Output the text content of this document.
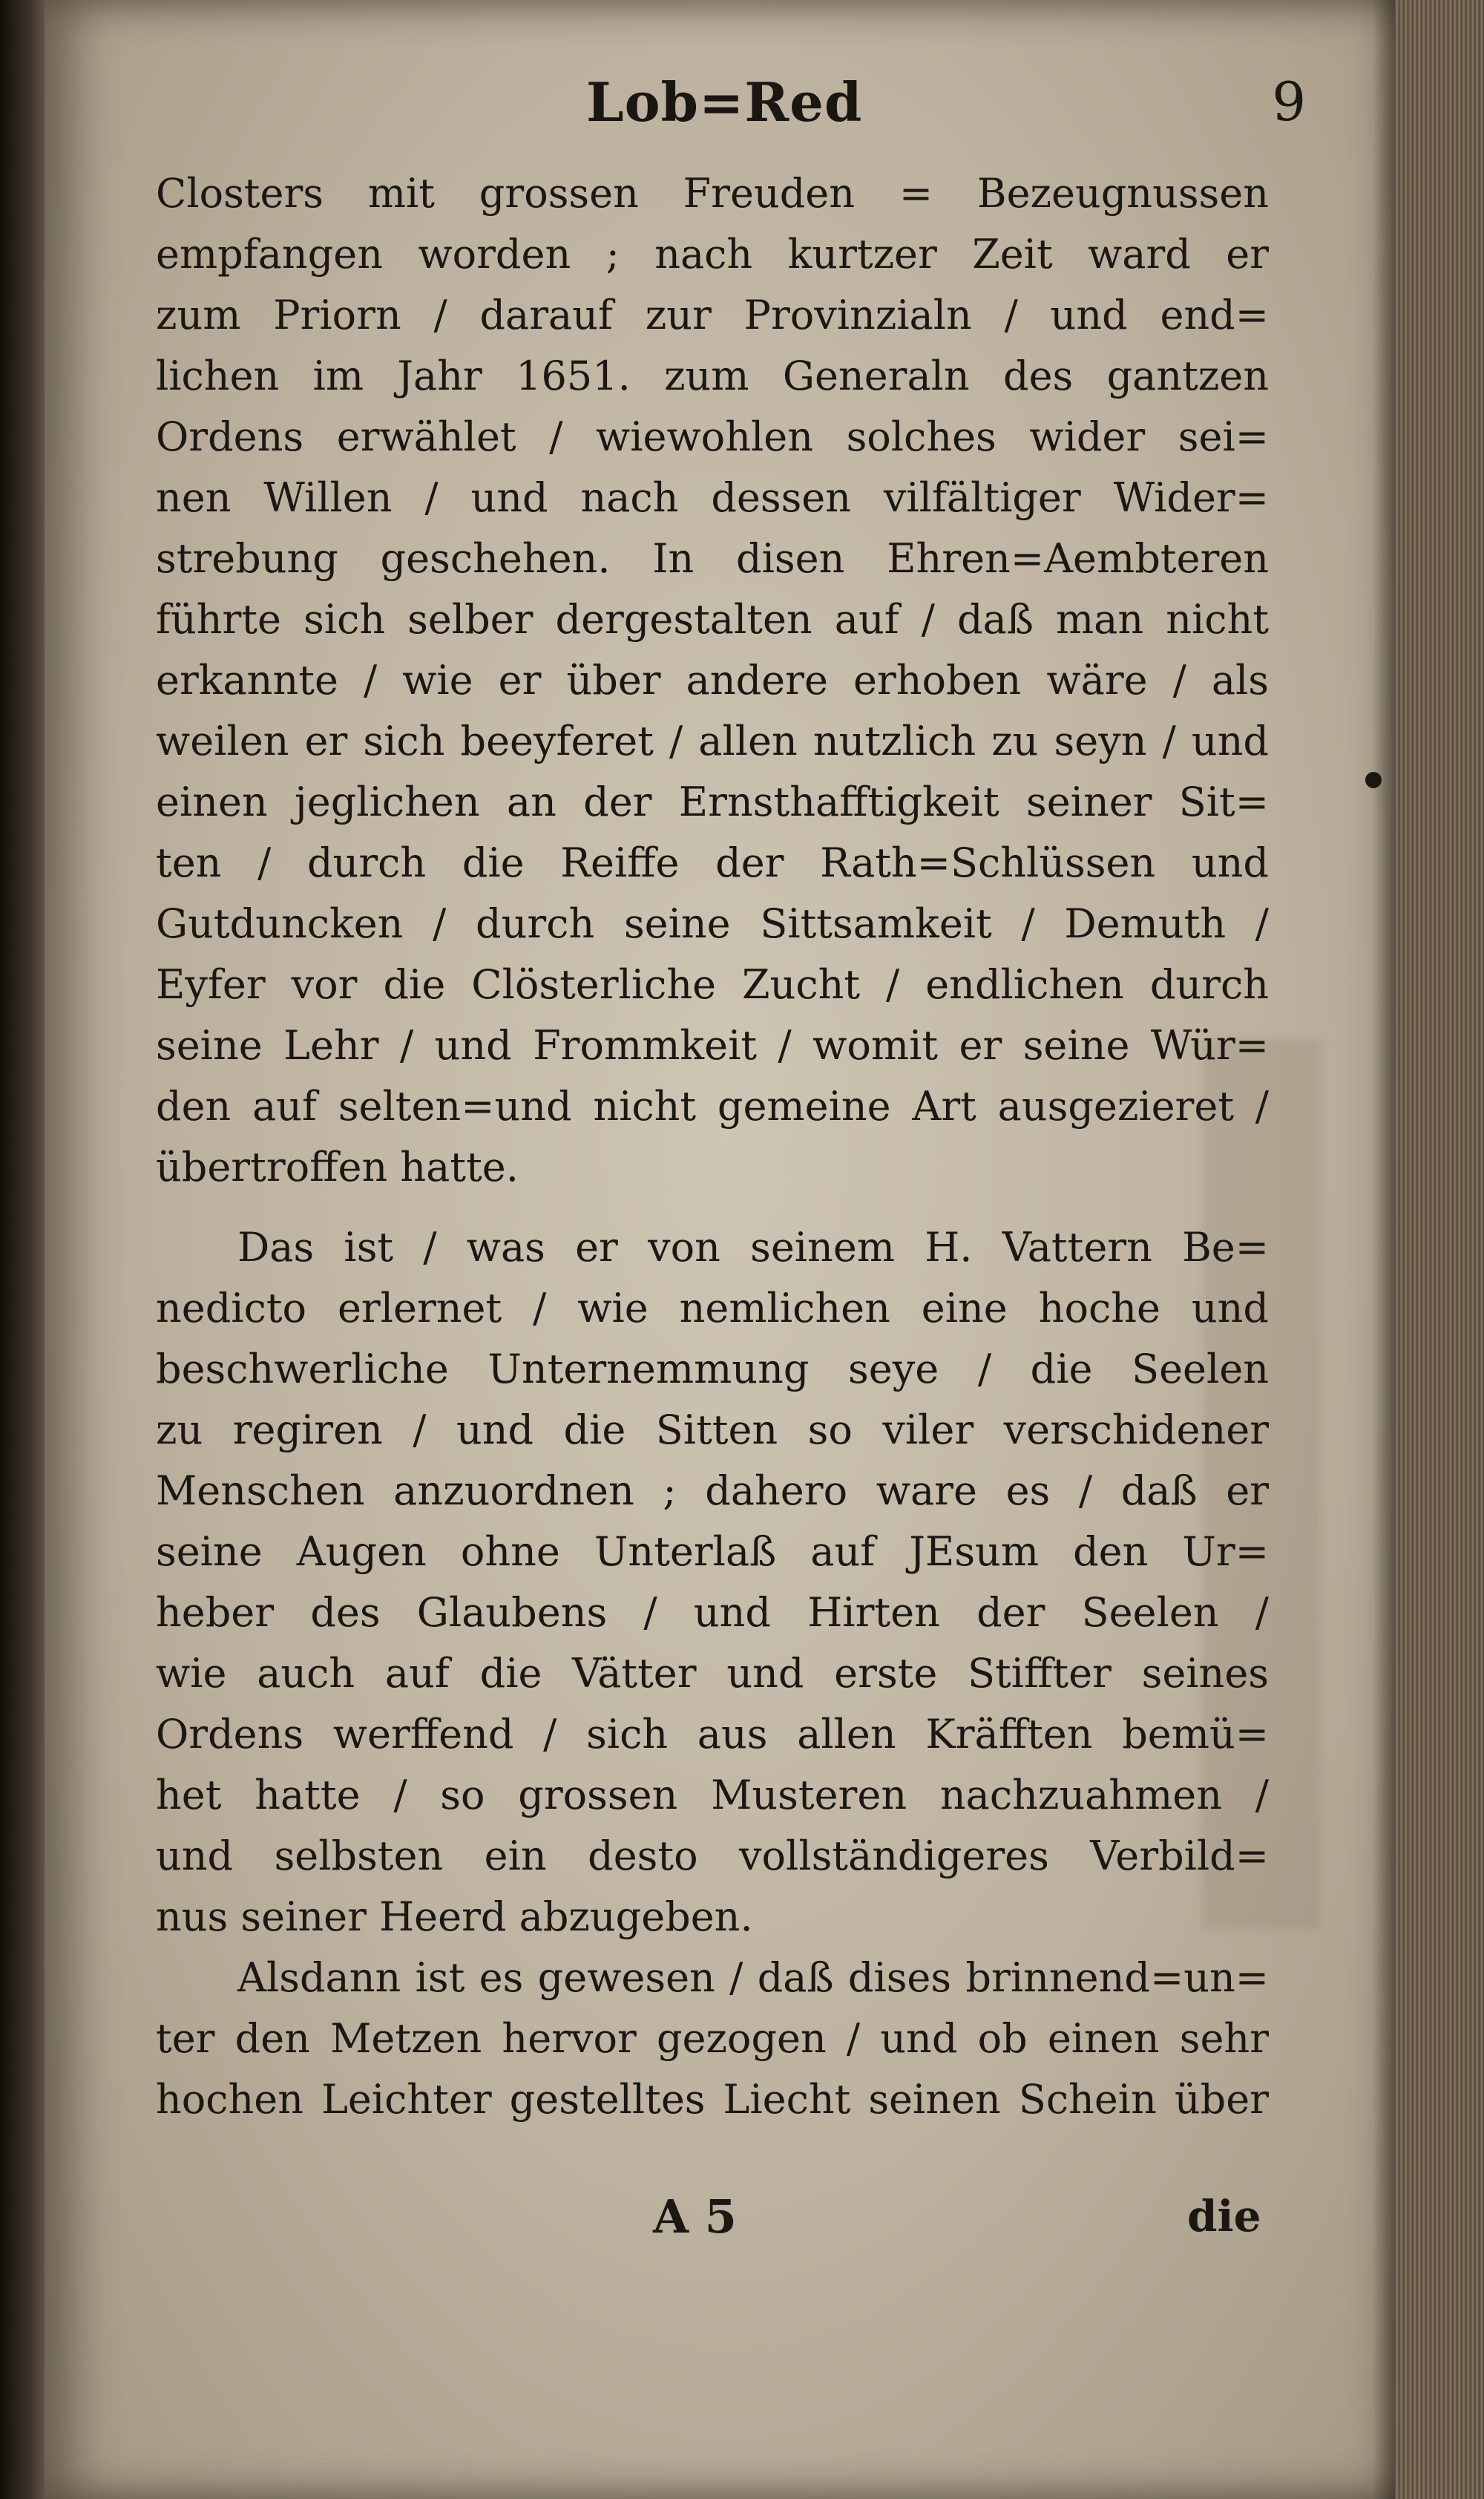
Lob=Red	9
Closters mit grossen Freuden = Bezeugnussen
empfangen worden ; nach kurtzer Zeit ward er
zum Priorn / darauf zur Provinzialn / und end=
lichen im Jahr 1651. zum Generaln des gantzen
Ordens erwählet / wiewohlen solches wider sei=
nen Willen / und nach dessen vilfältiger Wider=
strebung geschehen. In disen Ehren=Aembteren
führte sich selber dergestalten auf / daß man nicht
erkannte / wie er über andere erhoben wäre / als
weilen er sich beeyferet / allen nutzlich zu seyn / und
einen jeglichen an der Ernsthafftigkeit seiner Sit=
ten / durch die Reiffe der Rath=Schlüssen und
Gutduncken / durch seine Sittsamkeit / Demuth /
Eyfer vor die Clösterliche Zucht / endlichen durch
seine Lehr / und Frommkeit / womit er seine Wür=
den auf selten=und nicht gemeine Art ausgezieret /
übertroffen hatte.
Das ist / was er von seinem H. Vattern Be=
nedicto erlernet / wie nemlichen eine hoche und
beschwerliche Unternemmung seye / die Seelen
zu regiren / und die Sitten so viler verschidener
Menschen anzuordnen ; dahero ware es / daß er
seine Augen ohne Unterlaß auf JEsum den Ur=
heber des Glaubens / und Hirten der Seelen /
wie auch auf die Vätter und erste Stiffter seines
Ordens werffend / sich aus allen Kräfften bemü=
het hatte / so grossen Musteren nachzuahmen /
und selbsten ein desto vollständigeres Verbild=
nus seiner Heerd abzugeben.
Alsdann ist es gewesen / daß dises brinnend=un=
ter den Metzen hervor gezogen / und ob einen sehr
hochen Leichter gestelltes Liecht seinen Schein über
A 5	die
